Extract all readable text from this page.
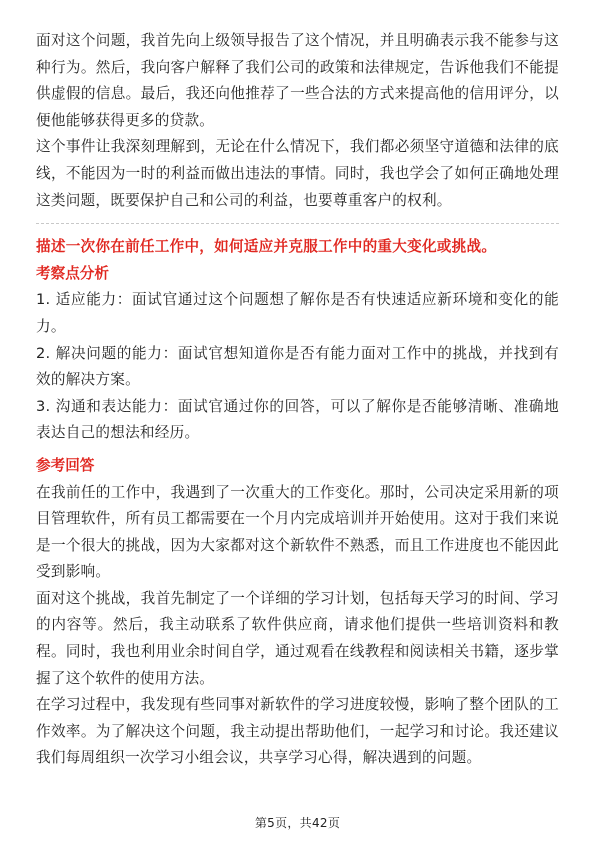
面对这个问题，我首先向上级领导报告了这个情况，并且明确表示我不能参与这种行为。然后，我向客户解释了我们公司的政策和法律规定，告诉他我们不能提供虚假的信息。最后，我还向他推荐了一些合法的方式来提高他的信用评分，以便他能够获得更多的贷款。

这个事件让我深刻理解到，无论在什么情况下，我们都必须坚守道德和法律的底线，不能因为一时的利益而做出违法的事情。同时，我也学会了如何正确地处理这类问题，既要保护自己和公司的利益，也要尊重客户的权利。

描述一次你在前任工作中，如何适应并克服工作中的重大变化或挑战。
考察点分析

1. 适应能力：面试官通过这个问题想了解你是否有快速适应新环境和变化的能力。

2. 解决问题的能力：面试官想知道你是否有能力面对工作中的挑战，并找到有效的解决方案。

3. 沟通和表达能力：面试官通过你的回答，可以了解你是否能够清晰、准确地表达自己的想法和经历。

参考回答

在我前任的工作中，我遇到了一次重大的工作变化。那时，公司决定采用新的项目管理软件，所有员工都需要在一个月内完成培训并开始使用。这对于我们来说是一个很大的挑战，因为大家都对这个新软件不熟悉，而且工作进度也不能因此受到影响。

面对这个挑战，我首先制定了一个详细的学习计划，包括每天学习的时间、学习的内容等。然后，我主动联系了软件供应商，请求他们提供一些培训资料和教程。同时，我也利用业余时间自学，通过观看在线教程和阅读相关书籍，逐步掌握了这个软件的使用方法。

在学习过程中，我发现有些同事对新软件的学习进度较慢，影响了整个团队的工作效率。为了解决这个问题，我主动提出帮助他们，一起学习和讨论。我还建议我们每周组织一次学习小组会议，共享学习心得，解决遇到的问题。

第5页，共42页
